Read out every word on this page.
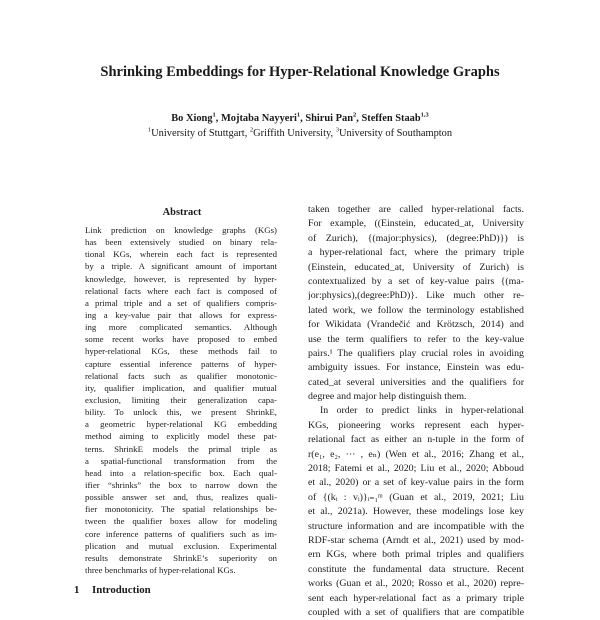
Shrinking Embeddings for Hyper-Relational Knowledge Graphs

Bo Xiong$^1$, Mojtaba Nayyeri$^1$, Shirui Pan$^2$, Steffen Staab$^{1,3}$

$^1$University of Stuttgart, $^2$Griffith University, $^3$University of Southampton

Abstract
Link prediction on knowledge graphs (KGs)
has been extensively studied on binary rela-
tional KGs, wherein each fact is represented
by a triple. A significant amount of important
knowledge, however, is represented by hyper-
relational facts where each fact is composed of
a primal triple and a set of qualifiers compris-
ing a key-value pair that allows for express-
ing more complicated semantics. Although
some recent works have proposed to embed
hyper-relational KGs, these methods fail to
capture essential inference patterns of hyper-
relational facts such as qualifier monotonic-
ity, qualifier implication, and qualifier mutual
exclusion, limiting their generalization capa-
bility. To unlock this, we present ShrinkE,
a geometric hyper-relational KG embedding
method aiming to explicitly model these pat-
terns. ShrinkE models the primal triple as
a spatial-functional transformation from the
head into a relation-specific box. Each qual-
ifier “shrinks” the box to narrow down the
possible answer set and, thus, realizes quali-
fier monotonicity. The spatial relationships be-
tween the qualifier boxes allow for modeling
core inference patterns of qualifiers such as im-
plication and mutual exclusion. Experimental
results demonstrate ShrinkE’s superiority on
three benchmarks of hyper-relational KGs.
taken together are called hyper-relational facts.
For example, ((Einstein, educated_at, University
of Zurich), {(major:physics), (degree:PhD)}) is
a hyper-relational fact, where the primary triple
(Einstein, educated_at, University of Zurich) is
contextualized by a set of key-value pairs {(ma-
jor:physics),(degree:PhD)}. Like much other re-
lated work, we follow the terminology established
for Wikidata (Vrandečić and Krötzsch, 2014) and
use the term qualifiers to refer to the key-value
pairs.¹ The qualifiers play crucial roles in avoiding
ambiguity issues. For instance, Einstein was edu-
cated_at several universities and the qualifiers for
degree and major help distinguish them.
In order to predict links in hyper-relational
KGs, pioneering works represent each hyper-
relational fact as either an n-tuple in the form of
r(e₁, e₂, ··· , eₙ) (Wen et al., 2016; Zhang et al.,
2018; Fatemi et al., 2020; Liu et al., 2020; Abboud
et al., 2020) or a set of key-value pairs in the form
of {(kᵢ : vᵢ)}ᵢ₌₁ᵐ (Guan et al., 2019, 2021; Liu
et al., 2021a). However, these modelings lose key
structure information and are incompatible with the
RDF-star schema (Arndt et al., 2021) used by mod-
ern KGs, where both primal triples and qualifiers
constitute the fundamental data structure. Recent
works (Guan et al., 2020; Rosso et al., 2020) repre-
sent each hyper-relational fact as a primary triple
coupled with a set of qualifiers that are compatible
1 Introduction
